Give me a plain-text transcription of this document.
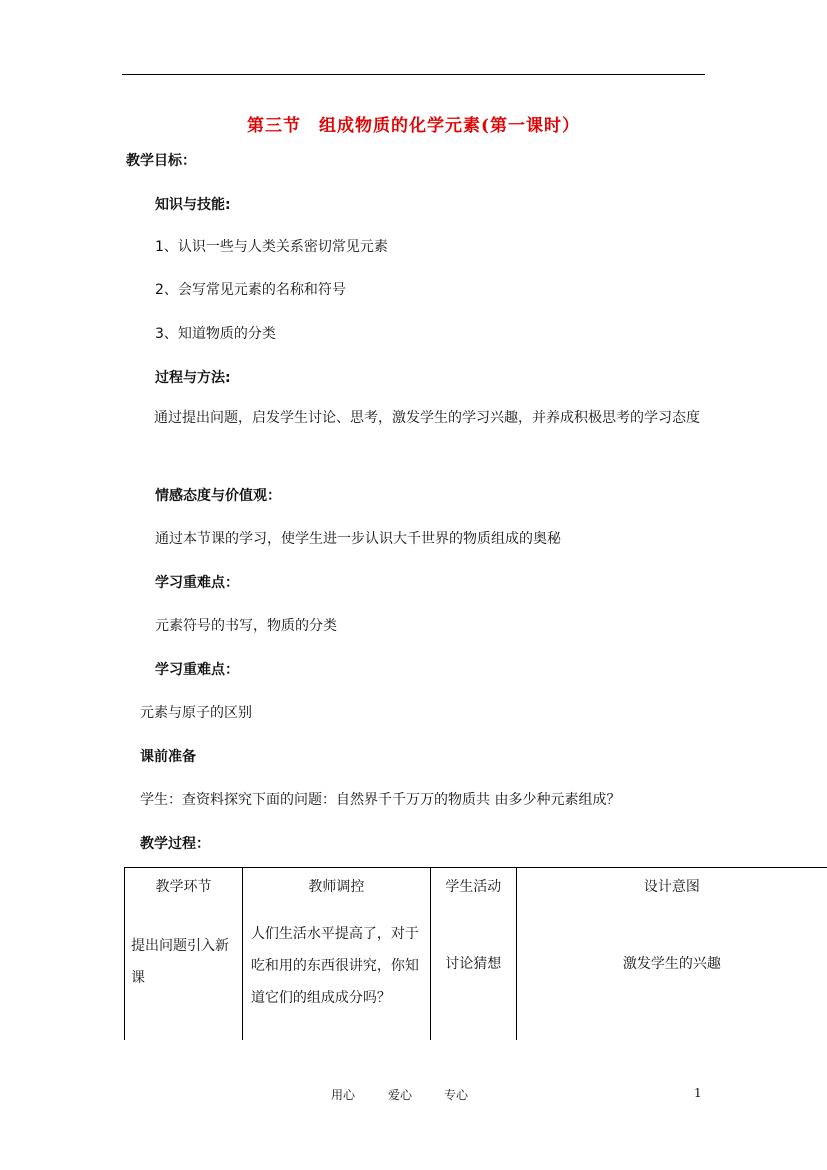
第三节　组成物质的化学元素(第一课时）
教学目标：
知识与技能:
1、认识一些与人类关系密切常见元素
2、会写常见元素的名称和符号
3、知道物质的分类
过程与方法:
通过提出问题，启发学生讨论、思考，激发学生的学习兴趣，并养成积极思考的学习态度
情感态度与价值观：
通过本节课的学习，使学生进一步认识大千世界的物质组成的奥秘
学习重难点：
元素符号的书写，物质的分类
学习重难点：
元素与原子的区别
课前准备
学生：查资料探究下面的问题：自然界千千万万的物质共 由多少种元素组成？
教学过程：
教学环节	教师调控	学生活动	设计意图

提出问题引入新课	人们生活水平提高了，对于吃和用的东西很讲究，你知道它们的组成成分吗？	讨论猜想	激发学生的兴趣
用心	爱心	专心	1
